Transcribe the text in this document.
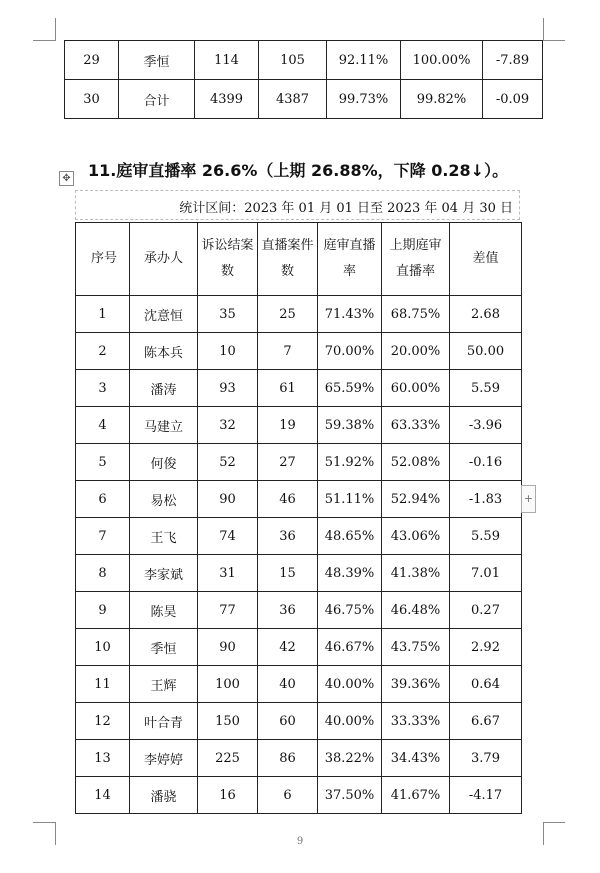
29	季恒	114	105	92.11%	100.00%	-7.89
30	合计	4399	4387	99.73%	99.82%	-0.09
11.庭审直播率 26.6%（上期 26.88%，下降 0.28↓）。
✥
统计区间：2023 年 01 月 01 日至 2023 年 04 月 30 日
序号	承办人	诉讼结案数	直播案件数	庭审直播率	上期庭审直播率	差值
1	沈意恒	35	25	71.43%	68.75%	2.68
2	陈本兵	10	7	70.00%	20.00%	50.00
3	潘涛	93	61	65.59%	60.00%	5.59
4	马建立	32	19	59.38%	63.33%	-3.96
5	何俊	52	27	51.92%	52.08%	-0.16
6	易松	90	46	51.11%	52.94%	-1.83
7	王飞	74	36	48.65%	43.06%	5.59
8	李家斌	31	15	48.39%	41.38%	7.01
9	陈昊	77	36	46.75%	46.48%	0.27
10	季恒	90	42	46.67%	43.75%	2.92
11	王辉	100	40	40.00%	39.36%	0.64
12	叶合青	150	60	40.00%	33.33%	6.67
13	李婷婷	225	86	38.22%	34.43%	3.79
14	潘骁	16	6	37.50%	41.67%	-4.17
+
9
